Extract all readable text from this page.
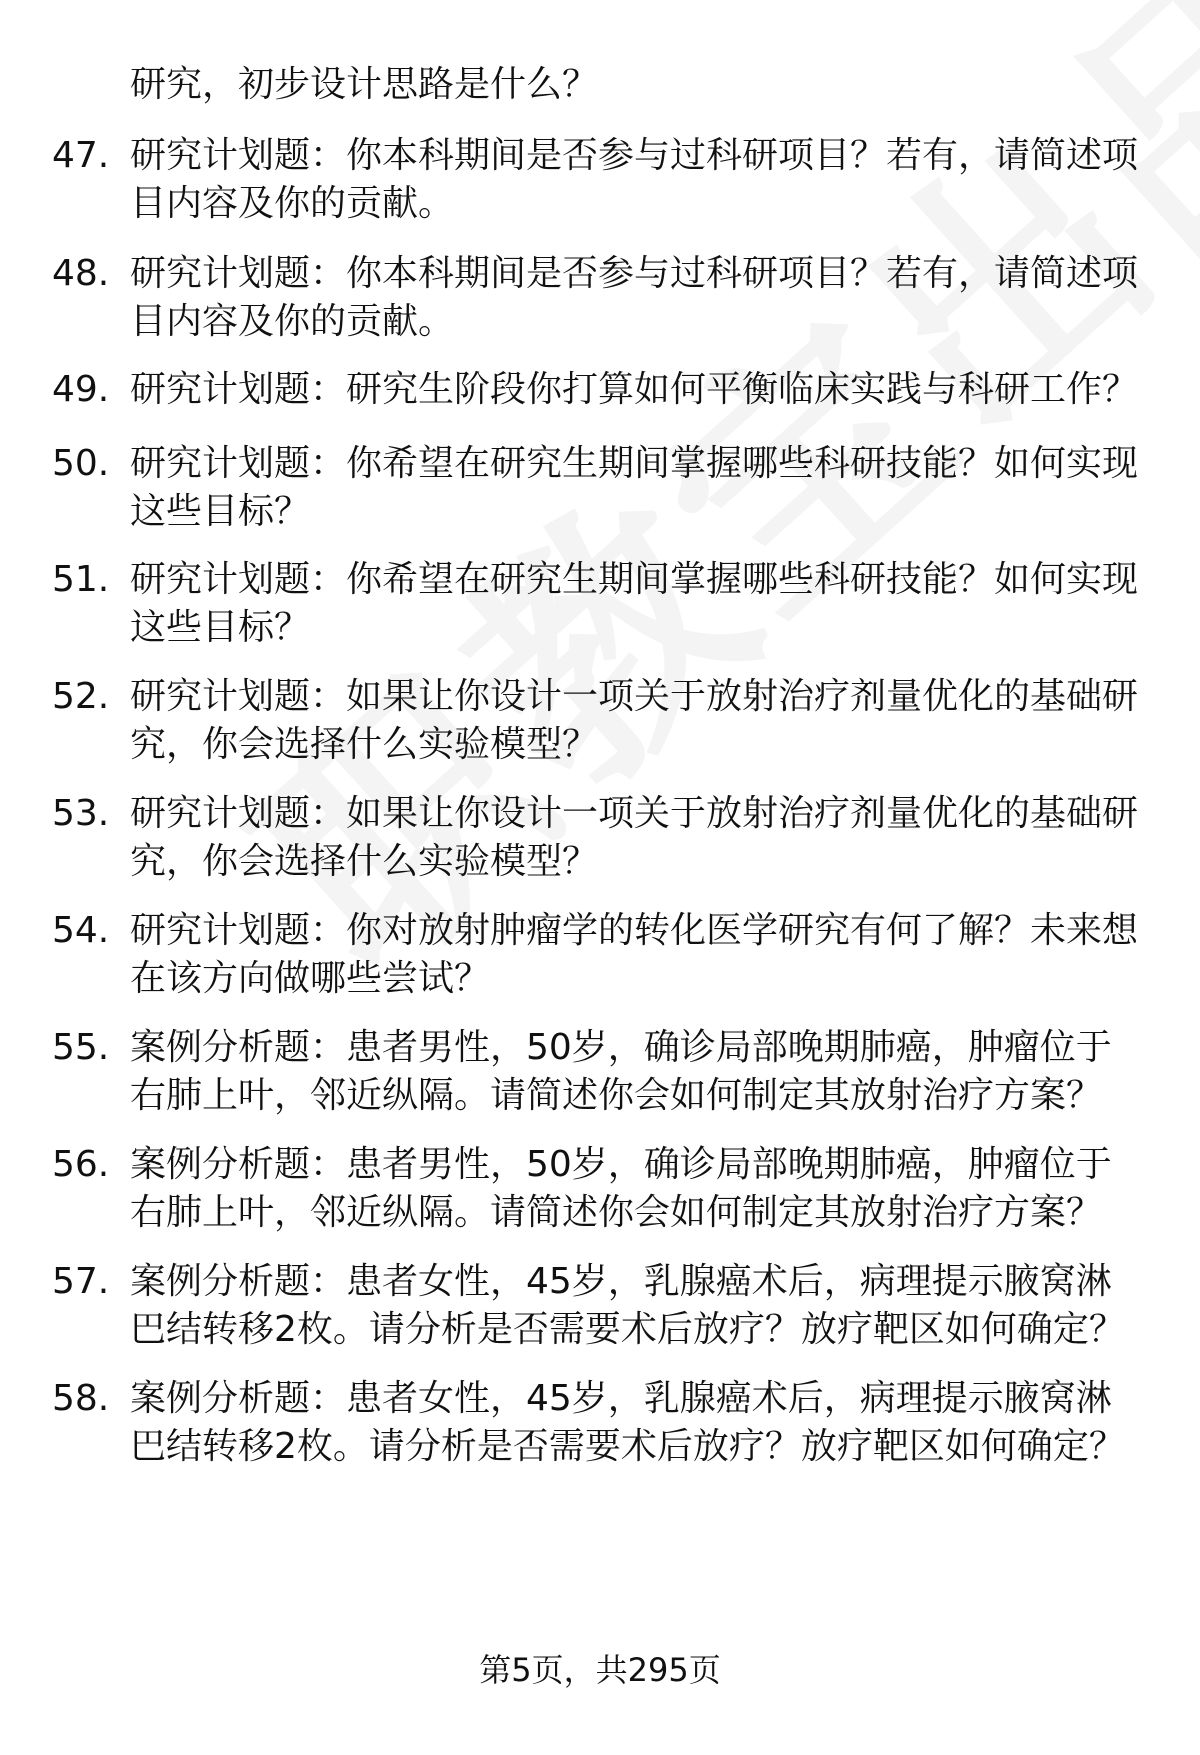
研究，初步设计思路是什么？
47. 研究计划题：你本科期间是否参与过科研项目？若有，请简述项目内容及你的贡献。
48. 研究计划题：你本科期间是否参与过科研项目？若有，请简述项目内容及你的贡献。
49. 研究计划题：研究生阶段你打算如何平衡临床实践与科研工作？
50. 研究计划题：你希望在研究生期间掌握哪些科研技能？如何实现这些目标？
51. 研究计划题：你希望在研究生期间掌握哪些科研技能？如何实现这些目标？
52. 研究计划题：如果让你设计一项关于放射治疗剂量优化的基础研究，你会选择什么实验模型？
53. 研究计划题：如果让你设计一项关于放射治疗剂量优化的基础研究，你会选择什么实验模型？
54. 研究计划题：你对放射肿瘤学的转化医学研究有何了解？未来想在该方向做哪些尝试？
55. 案例分析题：患者男性，50岁，确诊局部晚期肺癌，肿瘤位于右肺上叶，邻近纵隔。请简述你会如何制定其放射治疗方案？
56. 案例分析题：患者男性，50岁，确诊局部晚期肺癌，肿瘤位于右肺上叶，邻近纵隔。请简述你会如何制定其放射治疗方案？
57. 案例分析题：患者女性，45岁，乳腺癌术后，病理提示腋窝淋巴结转移2枚。请分析是否需要术后放疗？放疗靶区如何确定？
58. 案例分析题：患者女性，45岁，乳腺癌术后，病理提示腋窝淋巴结转移2枚。请分析是否需要术后放疗？放疗靶区如何确定？
第5页，共295页
